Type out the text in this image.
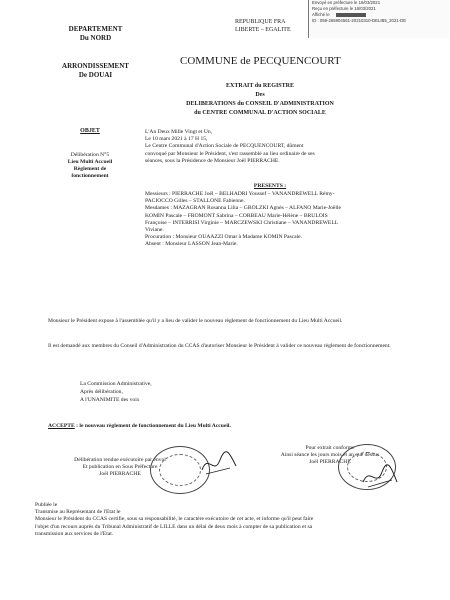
Envoyé en préfecture le 16/03/2021
Reçu en préfecture le 16/03/2021
Affiché le
ID : 059-265904561-20210310-DELIB5_2021-DE
DEPARTEMENT
Du NORD
ARRONDISSEMENT
De DOUAI
REPUBLIQUE FRA
LIBERTE – EGALITE
COMMUNE de PECQUENCOURT
EXTRAIT du REGISTRE
Des
DELIBERATIONS du CONSEIL D'ADMINISTRATION
du CENTRE COMMUNAL D'ACTION SOCIALE
OBJET
Délibération N°5
Lieu Multi Accueil
Règlement de
fonctionnement
L'An Deux Mille Vingt et Un,
Le 10 mars 2021 à 17 H 15,
Le Centre Communal d'Action Sociale de PECQUENCOURT, dûment
convoqué par Monsieur le Président, s'est rassemblé au lieu ordinaire de ses
séances, sous la Présidence de Monsieur Joël PIERRACHE.
PRESENTS :
Messieurs : PIERRACHE Joël – BELHADRI Youssef – VANANDREWELL Rémy-
PACIOCCO Gilles – STALLONE Fabienne.
Mesdames : MAZAGRAN Rosanna Lilia – GROLZKI Agnès – ALFANO Marie-Joëlle
KOMIN Pascale – FROMONT Sabrina – CORBEAU Marie-Hélène – BRULOIS
Françoise – INTERRISI Virginie – MARCZEWSKI Christiane – VANANDREWELL
Viviane.
Procuration : Monsieur OUAAZZI Omar à Madame KOMIN Pascale.
Absent : Monsieur LASSON Jean-Marie.
Monsieur le Président expose à l'assemblée qu'il y a lieu de valider le nouveau règlement de fonctionnement du Lieu Multi Accueil.
Il est demandé aux membres du Conseil d'Administration du CCAS d'autoriser Monsieur le Président à valider ce nouveau règlement de fonctionnement.
La Commission Administrative,
Après délibération,
A l'UNANIMITE des voix
ACCEPTE : le nouveau règlement de fonctionnement du Lieu Multi Accueil.
Délibération rendue exécutoire par envoi
Et publication en Sous Préfecture
Joël PIERRACHE
Pour extrait conforme
Ainsi séance les jours mois et an que dessus
Joël PIERRACHE
Publiée le
Transmise au Représentant de l'Etat le
Monsieur le Président du CCAS certifie, sous sa responsabilité, le caractère exécutoire de cet acte, et informe qu'il peut faire
l'objet d'un recours auprès du Tribunal Administratif de LILLE dans un délai de deux mois à compter de sa publication et sa
transmission aux services de l'Etat.
